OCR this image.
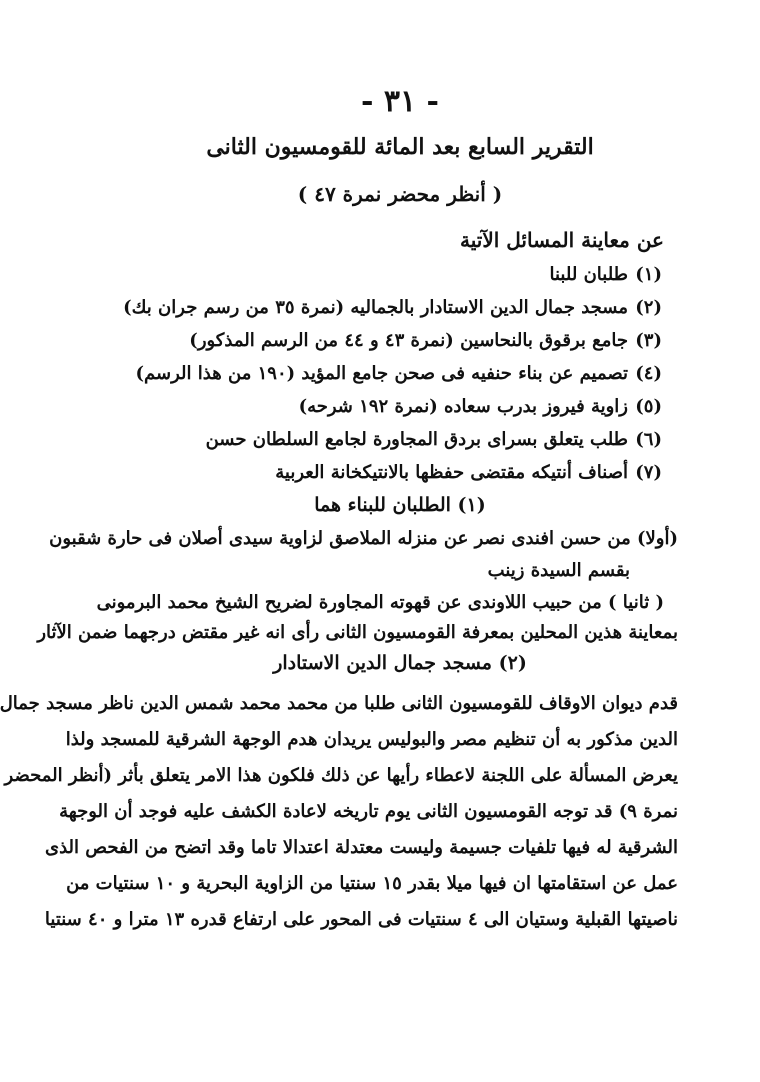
- ٣١ -
التقرير السابع بعد المائة للقومسيون الثانى
( أنظر محضر نمرة ٤٧ )
عن معاينة المسائل الآتية
(١)طلبان للبنا
(٢)مسجد جمال الدين الاستادار بالجماليه (نمرة ٣٥ من رسم جران بك)
(٣)جامع برقوق بالنحاسين (نمرة ٤٣ و ٤٤ من الرسم المذكور)
(٤)تصميم عن بناء حنفيه فى صحن جامع المؤيد (١٩٠ من هذا الرسم)
(٥)زاوية فيروز بدرب سعاده (نمرة ١٩٢ شرحه)
(٦)طلب يتعلق بسراى بردق المجاورة لجامع السلطان حسن
(٧)أصناف أنتيكه مقتضى حفظها بالانتيكخانة العربية
(١) الطلبان للبناء هما
(أولا) من حسن افندى نصر عن منزله الملاصق لزاوية سيدى أصلان فى حارة شقبون
بقسم السيدة زينب
( ثانيا ) من حبيب اللاوندى عن قهوته المجاورة لضريح الشيخ محمد البرمونى
بمعاينة هذين المحلين بمعرفة القومسيون الثانى رأى انه غير مقتض درجهما ضمن الآثار
(٢) مسجد جمال الدين الاستادار
قدم ديوان الاوقاف للقومسيون الثانى طلبا من محمد محمد شمس الدين ناظر مسجد جمال
الدين مذكور به أن تنظيم مصر والبوليس يريدان هدم الوجهة الشرقية للمسجد ولذا
يعرض المسألة على اللجنة لاعطاء رأيها عن ذلك فلكون هذا الامر يتعلق بأثر (أنظر المحضر
نمرة ٩) قد توجه القومسيون الثانى يوم تاريخه لاعادة الكشف عليه فوجد أن الوجهة
الشرقية له فيها تلفيات جسيمة وليست معتدلة اعتدالا تاما وقد اتضح من الفحص الذى
عمل عن استقامتها ان فيها ميلا بقدر ١٥ سنتيا من الزاوية البحرية و ١٠ سنتيات من
ناصيتها القبلية وستيان الى ٤ سنتيات فى المحور على ارتفاع قدره ١٣ مترا و ٤٠ سنتيا
